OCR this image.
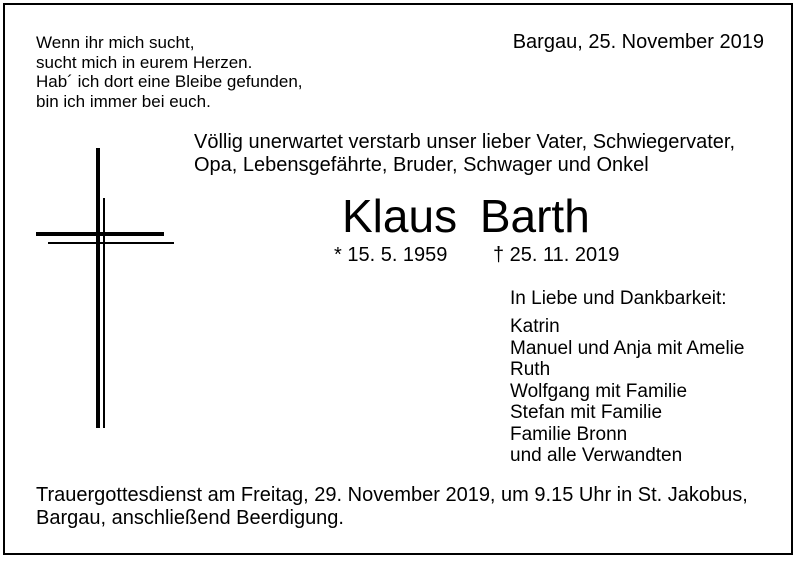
Wenn ihr mich sucht,
sucht mich in eurem Herzen.
Hab´ ich dort eine Bleibe gefunden,
bin ich immer bei euch.
Bargau, 25. November 2019
Völlig unerwartet verstarb unser lieber Vater, Schwiegervater,
Opa, Lebensgefährte, Bruder, Schwager und Onkel
Klaus Barth
* 15. 5. 1959 † 25. 11. 2019
In Liebe und Dankbarkeit:
Katrin
Manuel und Anja mit Amelie
Ruth
Wolfgang mit Familie
Stefan mit Familie
Familie Bronn
und alle Verwandten
Trauergottesdienst am Freitag, 29. November 2019, um 9.15 Uhr in St. Jakobus,
Bargau, anschließend Beerdigung.
